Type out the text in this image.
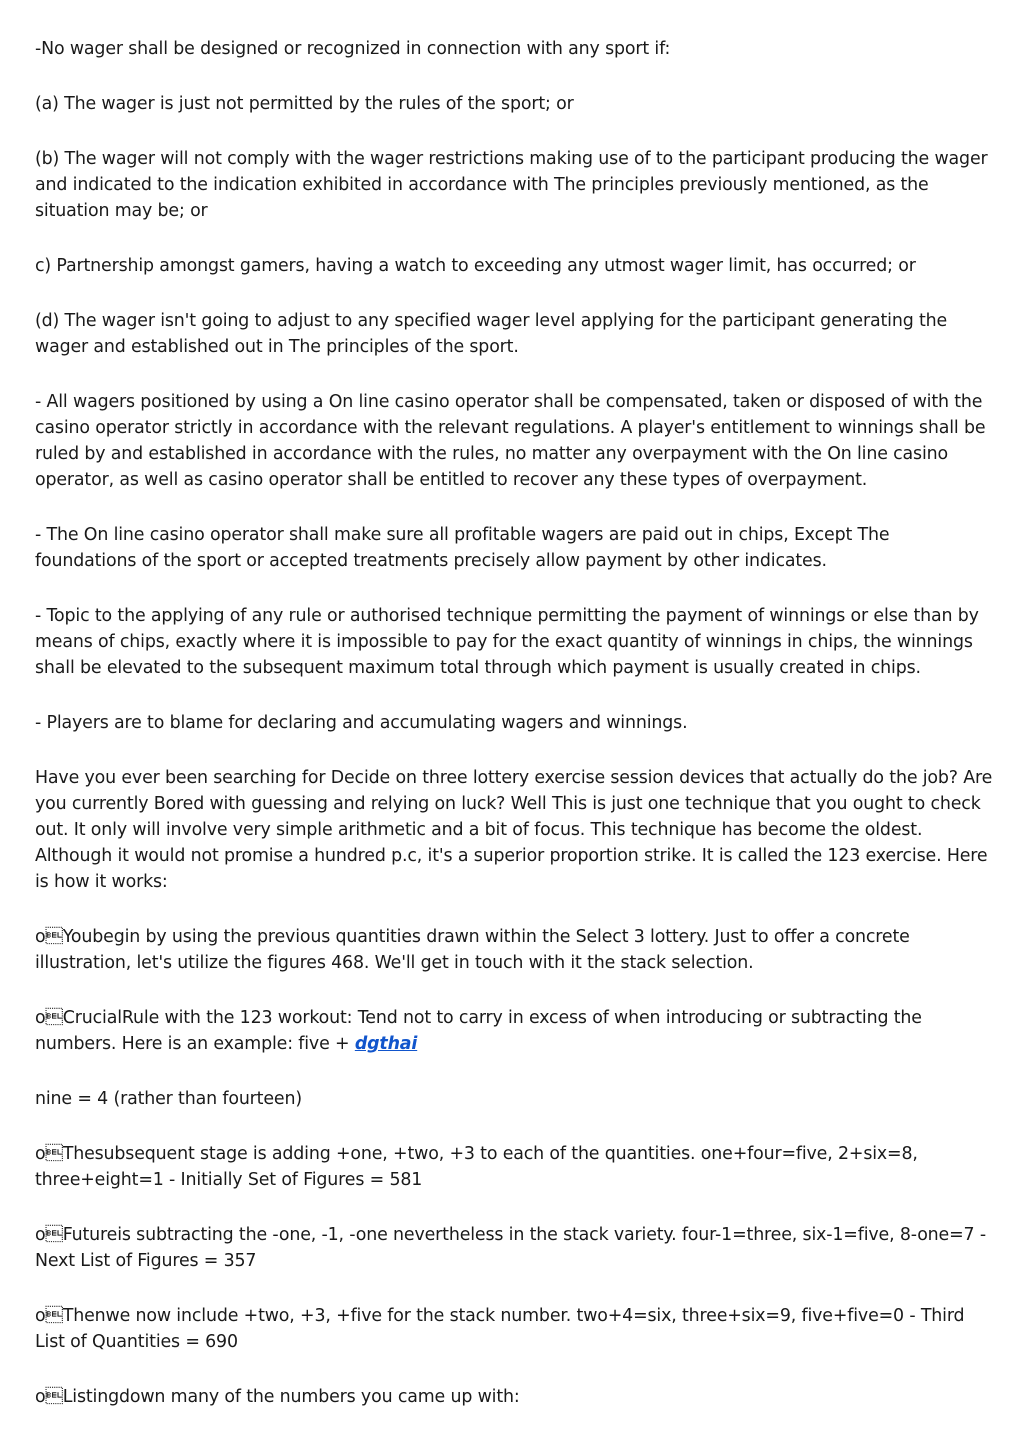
-No wager shall be designed or recognized in connection with any sport if:

(a) The wager is just not permitted by the rules of the sport; or

(b) The wager will not comply with the wager restrictions making use of to the participant producing the wager and indicated to the indication exhibited in accordance with The principles previously mentioned, as the situation may be; or

c) Partnership amongst gamers, having a watch to exceeding any utmost wager limit, has occurred; or

(d) The wager isn't going to adjust to any specified wager level applying for the participant generating the wager and established out in The principles of the sport.

- All wagers positioned by using a On line casino operator shall be compensated, taken or disposed of with the casino operator strictly in accordance with the relevant regulations. A player's entitlement to winnings shall be ruled by and established in accordance with the rules, no matter any overpayment with the On line casino operator, as well as casino operator shall be entitled to recover any these types of overpayment.

- The On line casino operator shall make sure all profitable wagers are paid out in chips, Except The foundations of the sport or accepted treatments precisely allow payment by other indicates.

- Topic to the applying of any rule or authorised technique permitting the payment of winnings or else than by means of chips, exactly where it is impossible to pay for the exact quantity of winnings in chips, the winnings shall be elevated to the subsequent maximum total through which payment is usually created in chips.

- Players are to blame for declaring and accumulating wagers and winnings.

Have you ever been searching for Decide on three lottery exercise session devices that actually do the job? Are you currently Bored with guessing and relying on luck? Well This is just one technique that you ought to check out. It only will involve very simple arithmetic and a bit of focus. This technique has become the oldest. Although it would not promise a hundred p.c, it's a superior proportion strike. It is called the 123 exercise. Here is how it works:

oYoubegin by using the previous quantities drawn within the Select 3 lottery. Just to offer a concrete illustration, let's utilize the figures 468. We'll get in touch with it the stack selection.

oCrucialRule with the 123 workout: Tend not to carry in excess of when introducing or subtracting the numbers. Here is an example: five + dgthai

nine = 4 (rather than fourteen)

oThesubsequent stage is adding +one, +two, +3 to each of the quantities. one+four=five, 2+six=8, three+eight=1 - Initially Set of Figures = 581

oFutureis subtracting the -one, -1, -one nevertheless in the stack variety. four-1=three, six-1=five, 8-one=7 - Next List of Figures = 357

oThenwe now include +two, +3, +five for the stack number. two+4=six, three+six=9, five+five=0 - Third List of Quantities = 690

oListingdown many of the numbers you came up with:
